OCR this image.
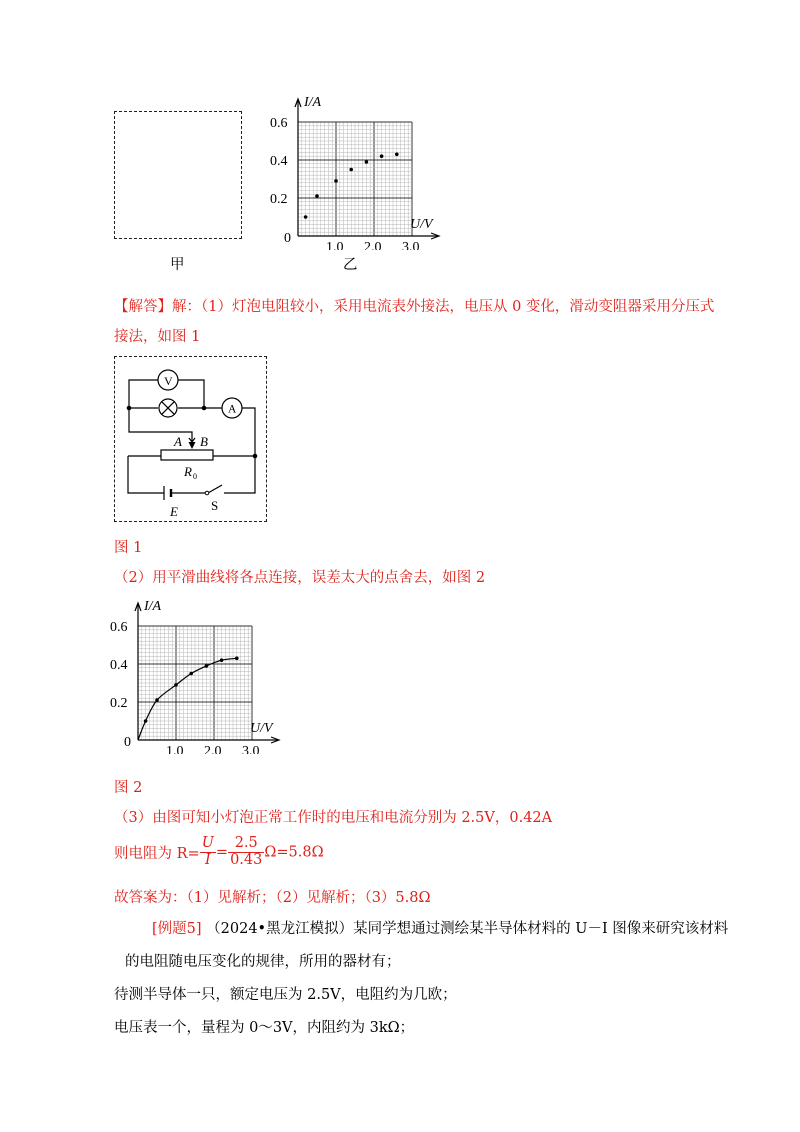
甲
I/A
U/V
0
0.2
0.4
0.6
1.0 2.0 3.0
乙
【解答】解：（1）灯泡电阻较小，采用电流表外接法，电压从 0 变化，滑动变阻器采用分压式
接法，如图 1
V
A
A B
R 0
E	S
图 1
（2）用平滑曲线将各点连接，误差太大的点舍去，如图 2
I/A
U/V
0
0.2
0.4
0.6
1.0 2.0 3.0
图 2
（3）由图可知小灯泡正常工作时的电压和电流分别为 2.5V，0.42A
则电阻为 $R= \frac{U}{I} = \frac{2.5}{0.43} \Omega=5.8\Omega$
故答案为：（1）见解析；（2）见解析；（3）5.8Ω
[例题5] （2024•黑龙江模拟）某同学想通过测绘某半导体材料的 U－I 图像来研究该材料
的电阻随电压变化的规律，所用的器材有；
待测半导体一只，额定电压为 2.5V，电阻约为几欧；
电压表一个，量程为 0～3V，内阻约为 3kΩ；
